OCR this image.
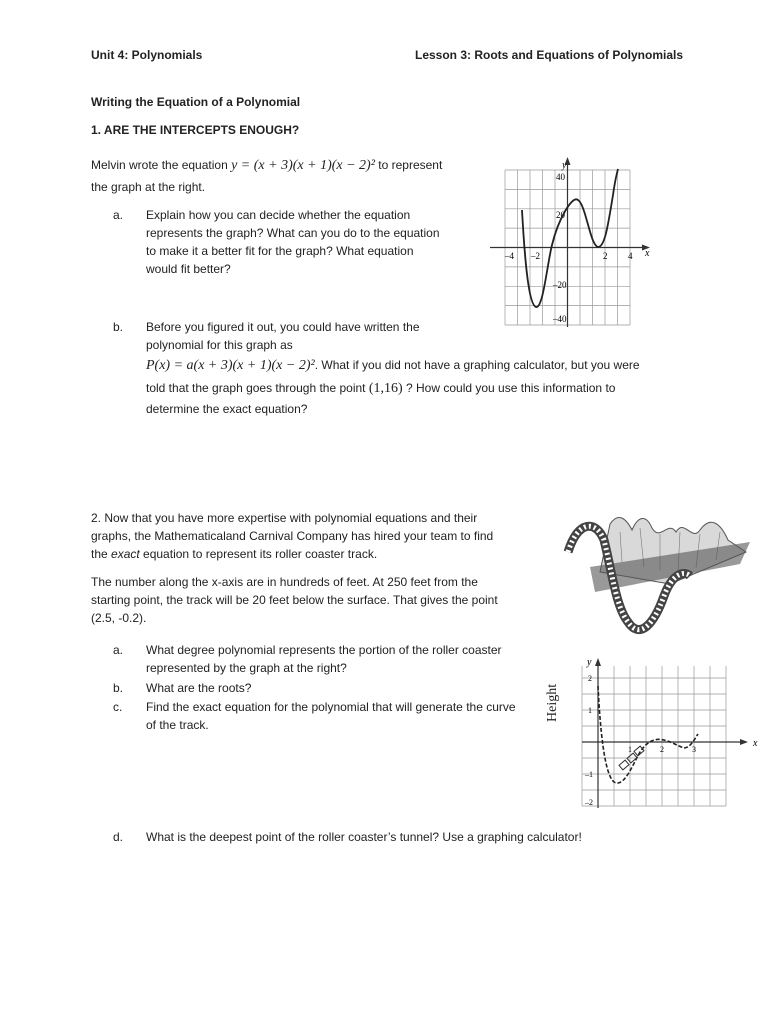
Unit 4: Polynomials	Lesson 3: Roots and Equations of Polynomials
Writing the Equation of a Polynomial
1. ARE THE INTERCEPTS ENOUGH?
Melvin wrote the equation y = (x + 3)(x + 1)(x − 2)² to represent
the graph at the right.
a. Explain how you can decide whether the equation
represents the graph? What can you do to the equation
to make it a better fit for the graph? What equation
would fit better?
y
x
40
20
–20
–40
–4 –2	2 4
b. Before you figured it out, you could have written the
polynomial for this graph as
P(x) = a(x + 3)(x + 1)(x − 2)². What if you did not have a graphing calculator, but you were
told that the graph goes through the point (1,16) ? How could you use this information to
determine the exact equation?
2. Now that you have more expertise with polynomial equations and their
graphs, the Mathematicaland Carnival Company has hired your team to find
the exact equation to represent its roller coaster track.
The number along the x-axis are in hundreds of feet. At 250 feet from the
starting point, the track will be 20 feet below the surface. That gives the point
(2.5, -0.2).
a. What degree polynomial represents the portion of the roller coaster
represented by the graph at the right?
b. What are the roots?
c. Find the exact equation for the polynomial that will generate the curve
of the track.
Height
y
x
2
1
–1
–2
1	2	3
d. What is the deepest point of the roller coaster’s tunnel? Use a graphing calculator!
